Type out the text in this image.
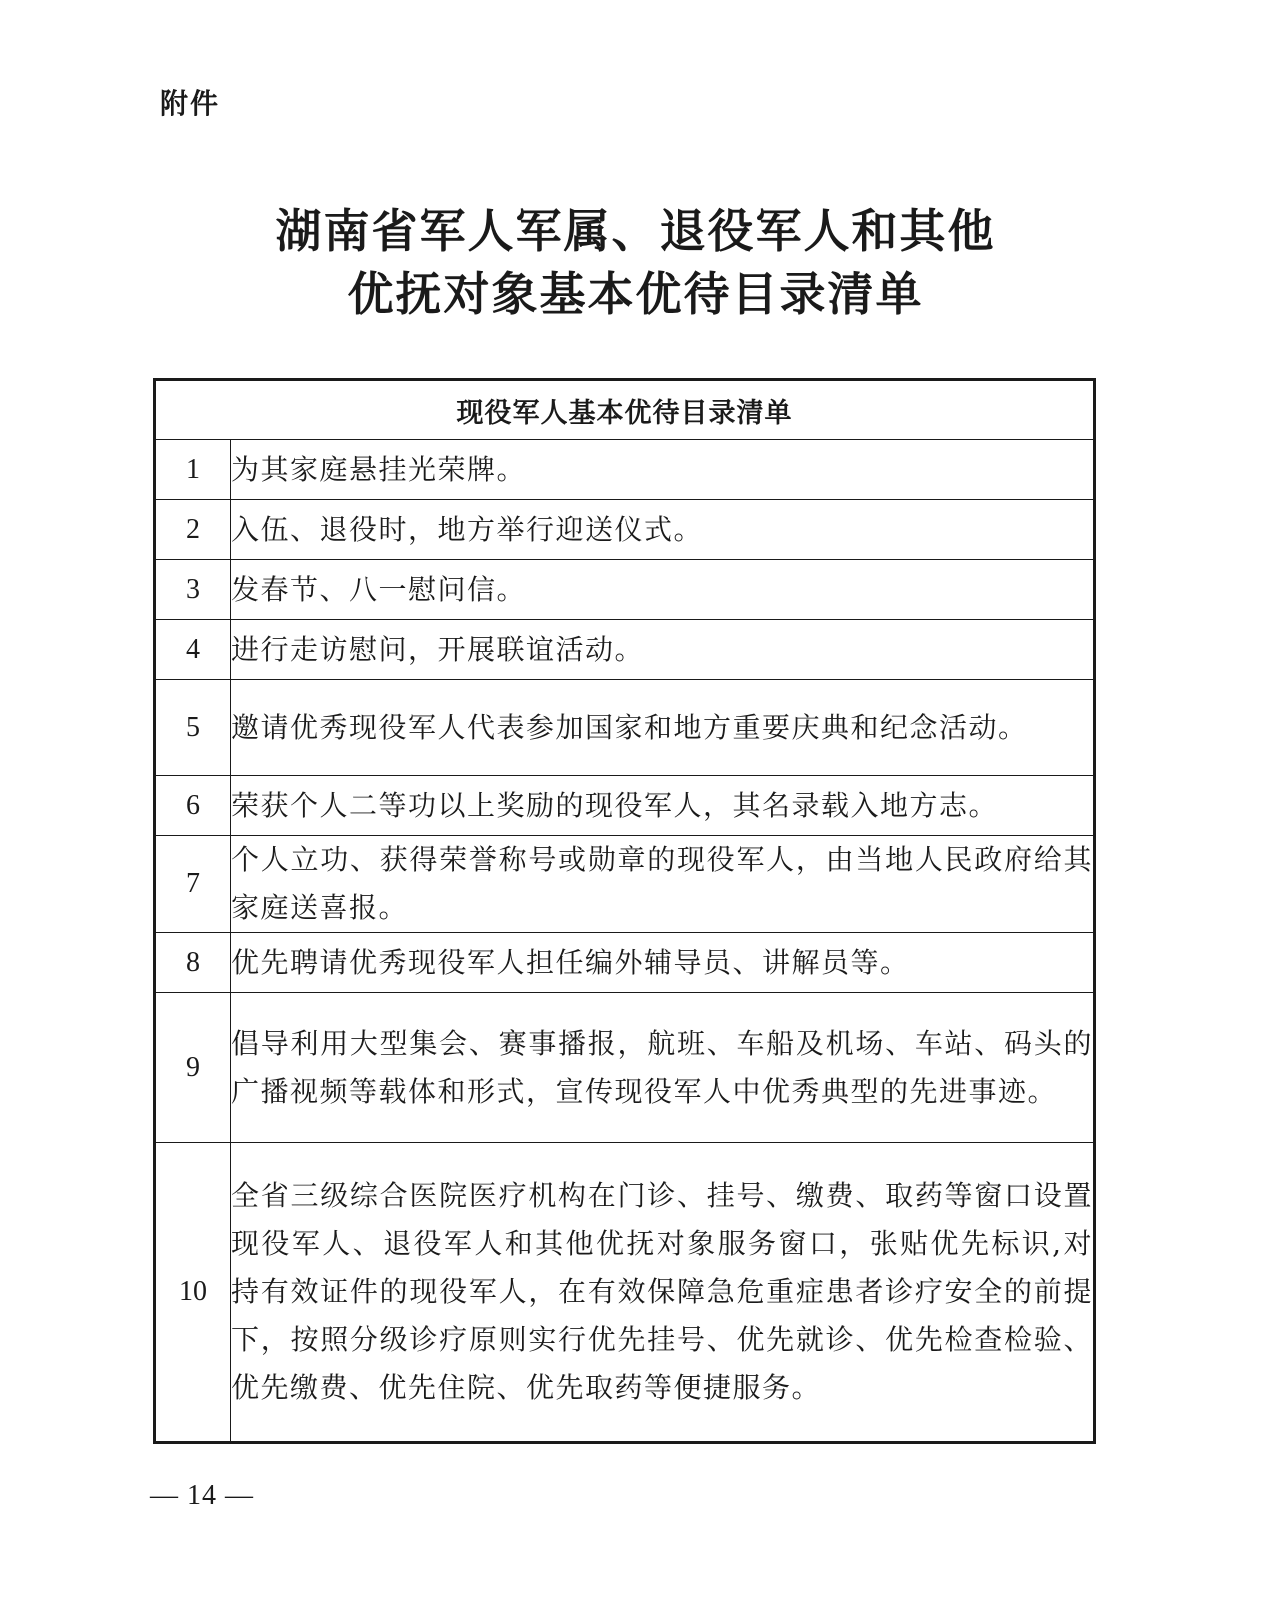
附件
湖南省军人军属、退役军人和其他
优抚对象基本优待目录清单
现役军人基本优待目录清单	
1	为其家庭悬挂光荣牌。
2	入伍、退役时，地方举行迎送仪式。
3	发春节、八一慰问信。
4	进行走访慰问，开展联谊活动。
5	邀请优秀现役军人代表参加国家和地方重要庆典和纪念活动。
6	荣获个人二等功以上奖励的现役军人，其名录载入地方志。
7	个人立功、获得荣誉称号或勋章的现役军人，由当地人民政府给其家庭送喜报。
8	优先聘请优秀现役军人担任编外辅导员、讲解员等。
9	倡导利用大型集会、赛事播报，航班、车船及机场、车站、码头的广播视频等载体和形式，宣传现役军人中优秀典型的先进事迹。
10	全省三级综合医院医疗机构在门诊、挂号、缴费、取药等窗口设置现役军人、退役军人和其他优抚对象服务窗口，张贴优先标识,对持有效证件的现役军人，在有效保障急危重症患者诊疗安全的前提下，按照分级诊疗原则实行优先挂号、优先就诊、优先检查检验、优先缴费、优先住院、优先取药等便捷服务。
— 14 —
